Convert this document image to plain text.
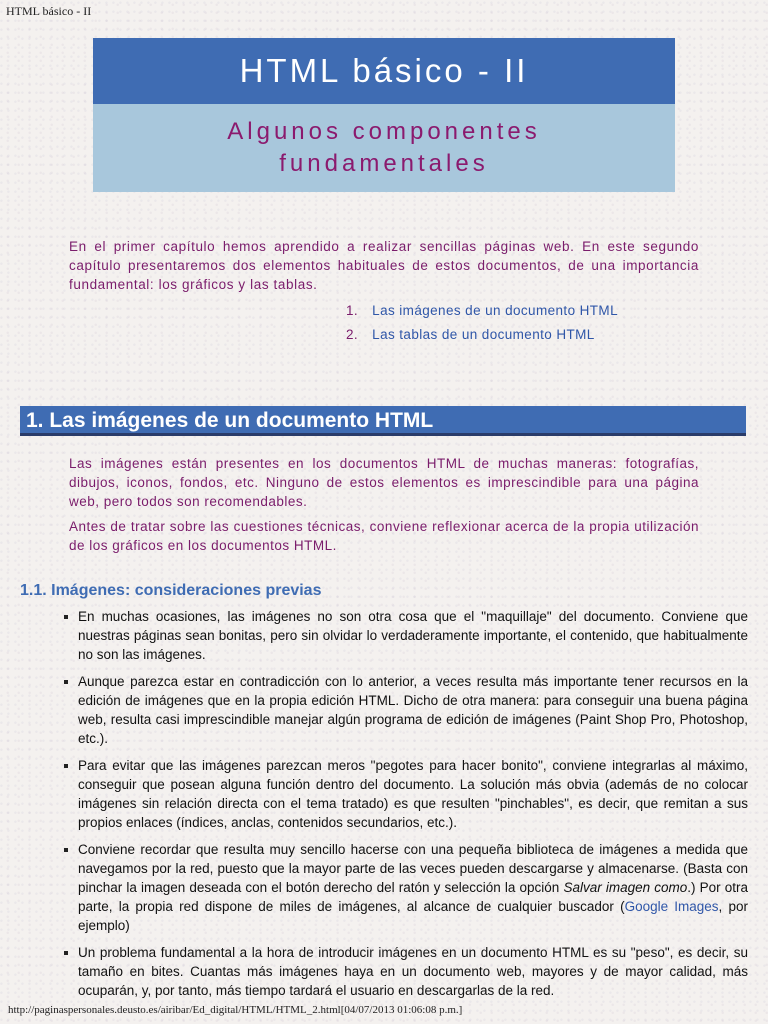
HTML básico - II
HTML básico - II
Algunos componentes
fundamentales
En el primer capítulo hemos aprendido a realizar sencillas páginas web. En este segundo capítulo presentaremos dos elementos habituales de estos documentos, de una importancia fundamental: los gráficos y las tablas.
1. Las imágenes de un documento HTML
2. Las tablas de un documento HTML
1. Las imágenes de un documento HTML
Las imágenes están presentes en los documentos HTML de muchas maneras: fotografías, dibujos, iconos, fondos, etc. Ninguno de estos elementos es imprescindible para una página web, pero todos son recomendables.
Antes de tratar sobre las cuestiones técnicas, conviene reflexionar acerca de la propia utilización de los gráficos en los documentos HTML.
1.1. Imágenes: consideraciones previas
En muchas ocasiones, las imágenes no son otra cosa que el "maquillaje" del documento. Conviene que nuestras páginas sean bonitas, pero sin olvidar lo verdaderamente importante, el contenido, que habitualmente no son las imágenes.
Aunque parezca estar en contradicción con lo anterior, a veces resulta más importante tener recursos en la edición de imágenes que en la propia edición HTML. Dicho de otra manera: para conseguir una buena página web, resulta casi imprescindible manejar algún programa de edición de imágenes (Paint Shop Pro, Photoshop, etc.).
Para evitar que las imágenes parezcan meros "pegotes para hacer bonito", conviene integrarlas al máximo, conseguir que posean alguna función dentro del documento. La solución más obvia (además de no colocar imágenes sin relación directa con el tema tratado) es que resulten "pinchables", es decir, que remitan a sus propios enlaces (índices, anclas, contenidos secundarios, etc.).
Conviene recordar que resulta muy sencillo hacerse con una pequeña biblioteca de imágenes a medida que navegamos por la red, puesto que la mayor parte de las veces pueden descargarse y almacenarse. (Basta con pinchar la imagen deseada con el botón derecho del ratón y selección la opción Salvar imagen como.) Por otra parte, la propia red dispone de miles de imágenes, al alcance de cualquier buscador (Google Images, por ejemplo)
Un problema fundamental a la hora de introducir imágenes en un documento HTML es su "peso", es decir, su tamaño en bites. Cuantas más imágenes haya en un documento web, mayores y de mayor calidad, más ocuparán, y, por tanto, más tiempo tardará el usuario en descargarlas de la red.
http://paginaspersonales.deusto.es/airibar/Ed_digital/HTML/HTML_2.html[04/07/2013 01:06:08 p.m.]
